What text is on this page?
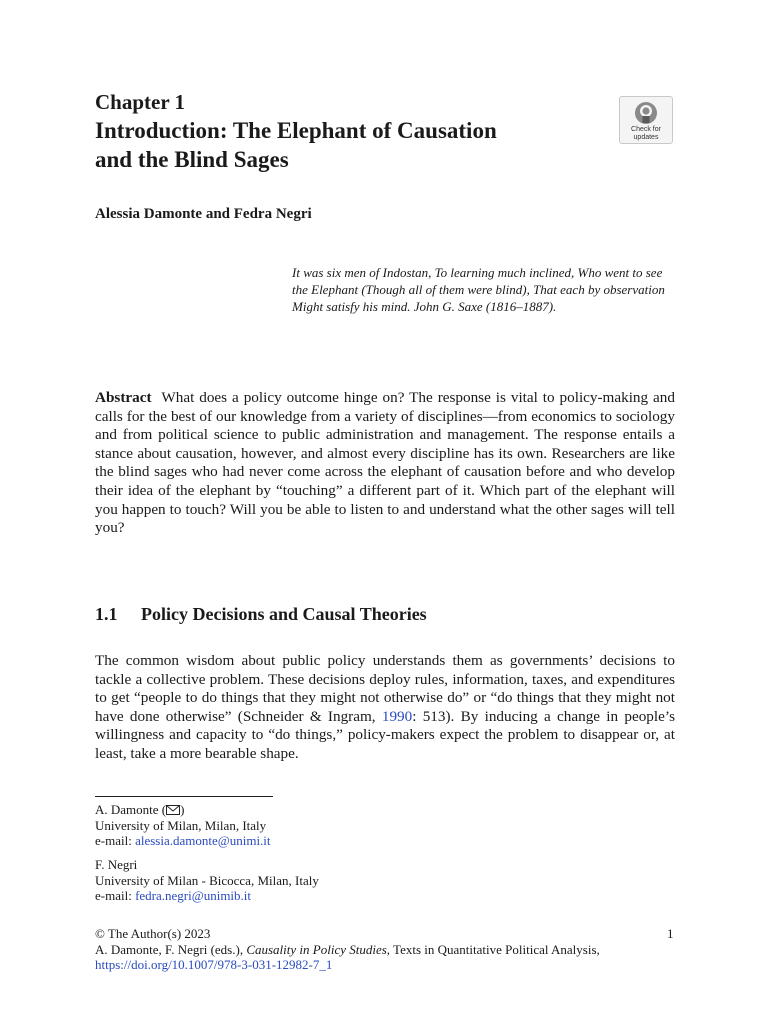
Chapter 1

Introduction: The Elephant of Causation
and the Blind Sages
Check for
updates

Alessia Damonte and Fedra Negri

It was six men of Indostan, To learning much inclined, Who went to see the Elephant (Though all of them were blind), That each by observation Might satisfy his mind. John G. Saxe (1816–1887).

Abstract What does a policy outcome hinge on? The response is vital to policy-making and calls for the best of our knowledge from a variety of disciplines—from economics to sociology and from political science to public administration and management. The response entails a stance about causation, however, and almost every discipline has its own. Researchers are like the blind sages who had never come across the elephant of causation before and who develop their idea of the elephant by “touching” a different part of it. Which part of the elephant will you happen to touch? Will you be able to listen to and understand what the other sages will tell you?

1.1 Policy Decisions and Causal Theories

The common wisdom about public policy understands them as governments’ decisions to tackle a collective problem. These decisions deploy rules, information, taxes, and expenditures to get “people to do things that they might not otherwise do” or “do things that they might not have done otherwise” (Schneider & Ingram, 1990: 513). By inducing a change in people’s willingness and capacity to “do things,” policy-makers expect the problem to disappear or, at least, take a more bearable shape.

A. Damonte ( )
University of Milan, Milan, Italy
e-mail: alessia.damonte@unimi.it

F. Negri
University of Milan - Bicocca, Milan, Italy
e-mail: fedra.negri@unimib.it

© The Author(s) 2023
A. Damonte, F. Negri (eds.), Causality in Policy Studies, Texts in Quantitative Political Analysis, https://doi.org/10.1007/978-3-031-12982-7_1

1
